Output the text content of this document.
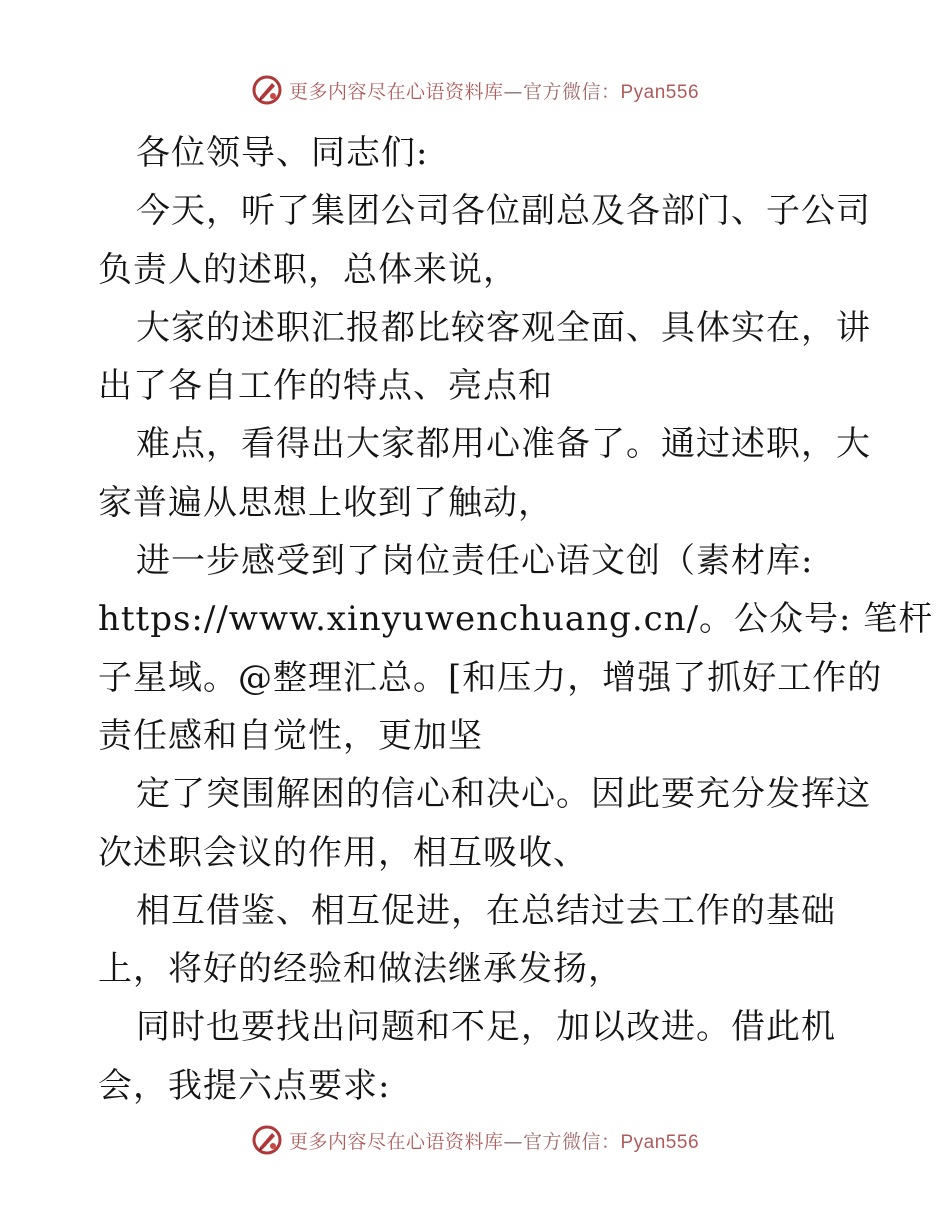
更多内容尽在心语资料库—官方微信：Pyan556
各位领导、同志们:
今天，听了集团公司各位副总及各部门、子公司
负责人的述职，总体来说，
大家的述职汇报都比较客观全面、具体实在，讲
出了各自工作的特点、亮点和
难点，看得出大家都用心准备了。通过述职，大
家普遍从思想上收到了触动，
进一步感受到了岗位责任心语文创（素材库:
https://www.xinyuwenchuang.cn/。公众号: 笔杆
子星域。@整理汇总。[和压力，增强了抓好工作的
责任感和自觉性，更加坚
定了突围解困的信心和决心。因此要充分发挥这
次述职会议的作用，相互吸收、
相互借鉴、相互促进，在总结过去工作的基础
上，将好的经验和做法继承发扬，
同时也要找出问题和不足，加以改进。借此机
会，我提六点要求:
更多内容尽在心语资料库—官方微信：Pyan556
